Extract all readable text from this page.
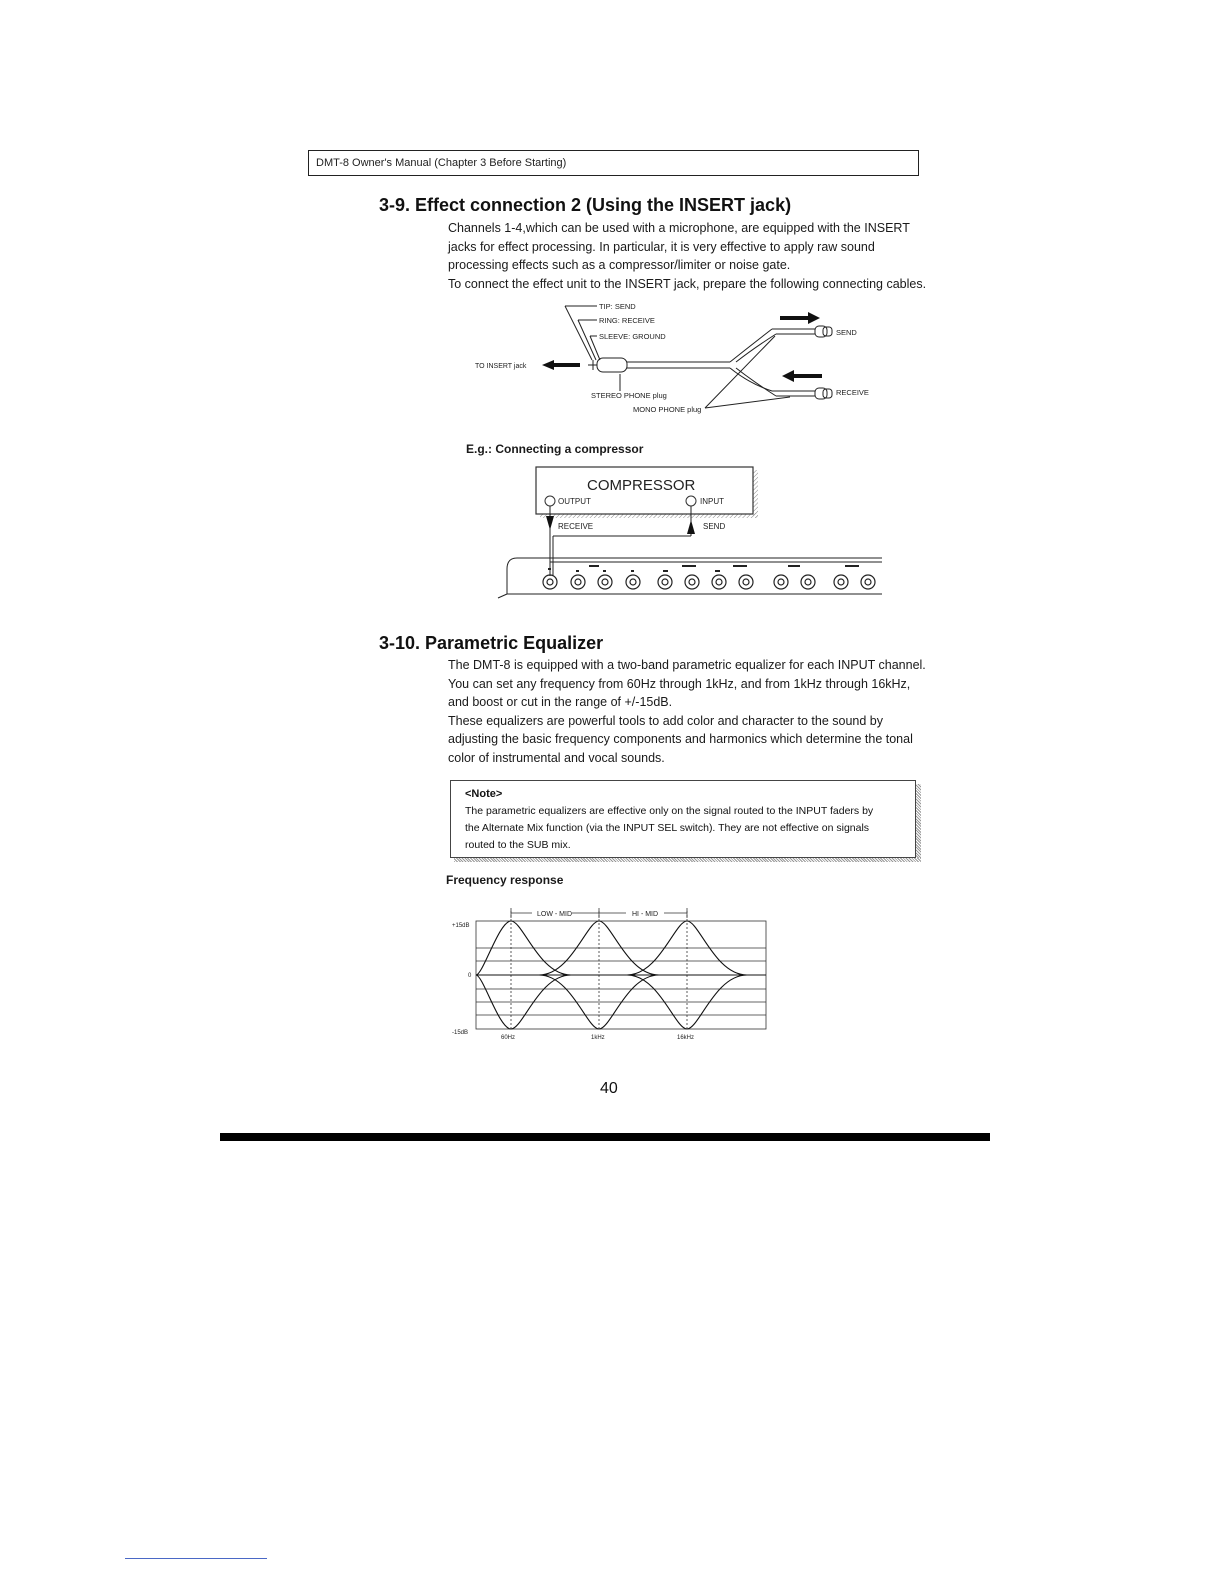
DMT-8 Owner's Manual (Chapter 3 Before Starting)
3-9. Effect connection 2 (Using the INSERT jack)

Channels 1-4,which can be used with a microphone, are equipped with the INSERT

jacks for effect processing. In particular, it is very effective to apply raw sound

processing effects such as a compressor/limiter or noise gate.

To connect the effect unit to the INSERT jack, prepare the following connecting cables.

TIP: SEND
RING: RECEIVE
SLEEVE: GROUND
TO INSERT jack
STEREO PHONE plug
MONO PHONE plug
SEND
RECEIVE
E.g.: Connecting a compressor
COMPRESSOR
OUTPUT	INPUT
RECEIVE	SEND
3-10. Parametric Equalizer

The DMT-8 is equipped with a two-band parametric equalizer for each INPUT channel.

You can set any frequency from 60Hz through 1kHz, and from 1kHz through 16kHz,

and boost or cut in the range of +/-15dB.

These equalizers are powerful tools to add color and character to the sound by

adjusting the basic frequency components and harmonics which determine the tonal

color of instrumental and vocal sounds.

<Note>

The parametric equalizers are effective only on the signal routed to the INPUT faders by

the Alternate Mix function (via the INPUT SEL switch). They are not effective on signals

routed to the SUB mix.

Frequency response
LOW - MID	HI - MID
+15dB
0
-15dB
60Hz	1kHz	16kHz
40
